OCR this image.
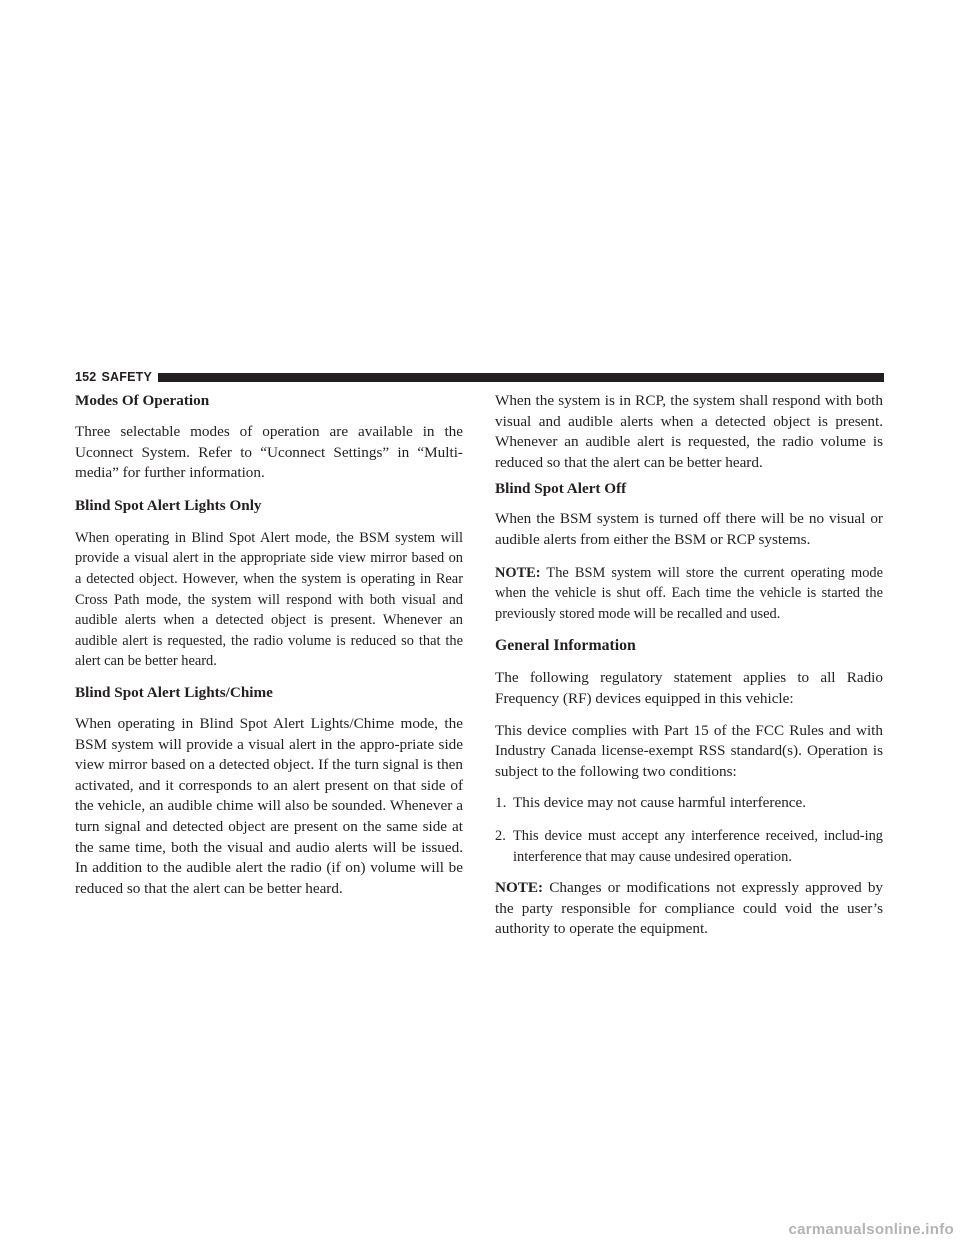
152 SAFETY
Modes Of Operation

Three selectable modes of operation are available in the Uconnect System. Refer to “Uconnect Settings” in “Multi-media” for further information.

Blind Spot Alert Lights Only

When operating in Blind Spot Alert mode, the BSM system will provide a visual alert in the appropriate side view mirror based on a detected object. However, when the system is operating in Rear Cross Path mode, the system will respond with both visual and audible alerts when a detected object is present. Whenever an audible alert is requested, the radio volume is reduced so that the alert can be better heard.

Blind Spot Alert Lights/Chime

When operating in Blind Spot Alert Lights/Chime mode, the BSM system will provide a visual alert in the appro-priate side view mirror based on a detected object. If the turn signal is then activated, and it corresponds to an alert present on that side of the vehicle, an audible chime will also be sounded. Whenever a turn signal and detected object are present on the same side at the same time, both the visual and audio alerts will be issued. In addition to the audible alert the radio (if on) volume will be reduced so that the alert can be better heard.

When the system is in RCP, the system shall respond with both visual and audible alerts when a detected object is present. Whenever an audible alert is requested, the radio volume is reduced so that the alert can be better heard.

Blind Spot Alert Off

When the BSM system is turned off there will be no visual or audible alerts from either the BSM or RCP systems.

NOTE: The BSM system will store the current operating mode when the vehicle is shut off. Each time the vehicle is started the previously stored mode will be recalled and used.

General Information

The following regulatory statement applies to all Radio Frequency (RF) devices equipped in this vehicle:

This device complies with Part 15 of the FCC Rules and with Industry Canada license-exempt RSS standard(s). Operation is subject to the following two conditions:

1. This device may not cause harmful interference.
2. This device must accept any interference received, includ-ing interference that may cause undesired operation.

NOTE: Changes or modifications not expressly approved by the party responsible for compliance could void the user’s authority to operate the equipment.

carmanualsonline.info
